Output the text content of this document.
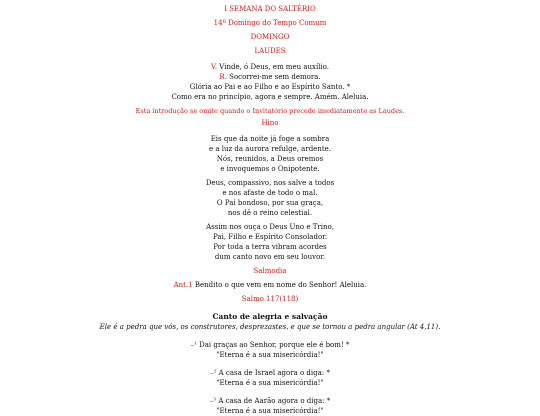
I SEMANA DO SALTÉRIO
14º Domingo do Tempo Comum
DOMINGO
LAUDES
V. Vinde, ó Deus, em meu auxílio.
R. Socorrei-me sem demora.
Glória ao Pai e ao Filho e ao Espírito Santo. *
Como era no princípio, agora e sempre. Amém. Aleluia.
Esta introdução se omite quando o Invitatório precede imediatamente as Laudes.
Hino
Eis que da noite já foge a sombra
e a luz da aurora refulge, ardente.
Nós, reunidos, a Deus oremos
e invoquemos o Onipotente.
Deus, compassivo, nos salve a todos
e nos afaste de todo o mal.
O Pai bondoso, por sua graça,
nos dê o reino celestial.
Assim nos ouça o Deus Uno e Trino,
Pai, Filho e Espírito Consolador.
Por toda a terra vibram acordes
dum canto novo em seu louvor.
Salmodia
Ant.1 Bendito o que vem em nome do Senhor! Aleluia.
Salmo 117(118)
Canto de alegria e salvação
Ele é a pedra que vós, os construtores, desprezastes, e que se tornou a pedra angular (At 4,11).
–¹ Dai graças ao Senhor, porque ele é bom! *
"Eterna é a sua misericórdia!"
–² A casa de Israel agora o diga: *
"Eterna é a sua misericórdia!"
–³ A casa de Aarão agora o diga: *
"Eterna é a sua misericórdia!"
